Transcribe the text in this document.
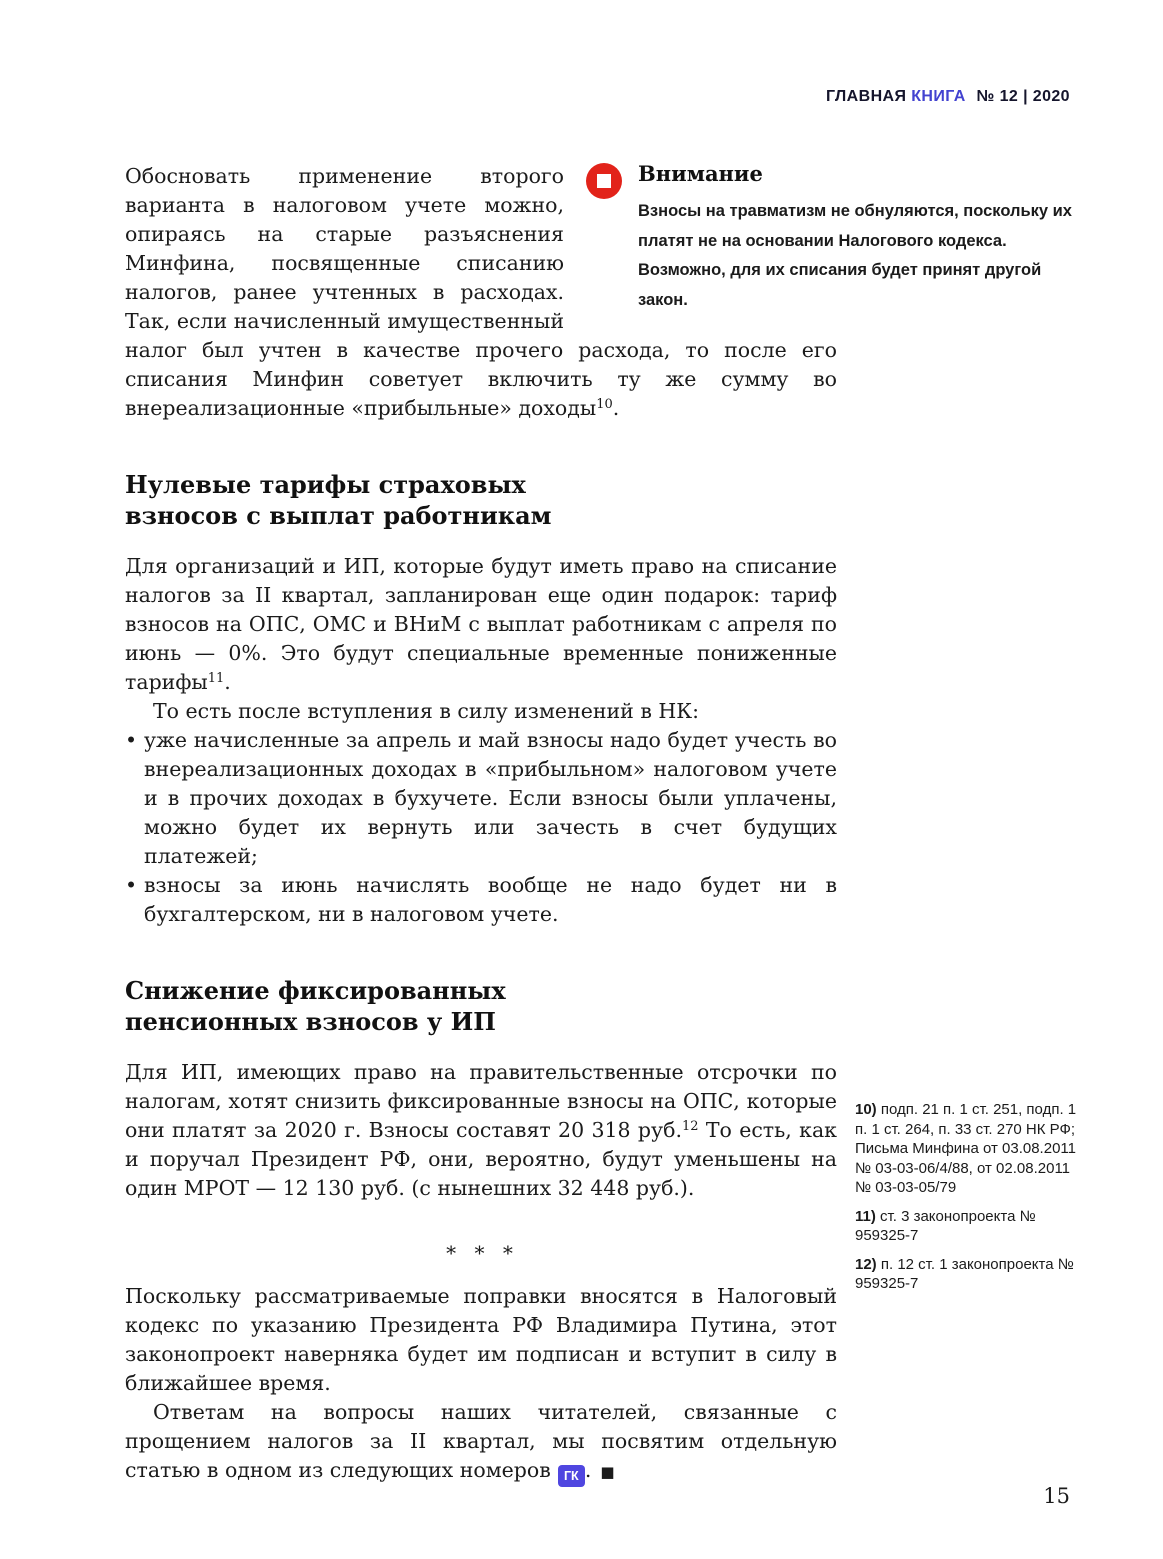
ГЛАВНАЯ КНИГА № 12 | 2020

Внимание
Взносы на травматизм не обнуляются, поскольку их платят не на основании Налогового кодекса. Возможно, для их списания будет принят другой закон.
Обосновать применение второго варианта в налоговом учете можно, опираясь на старые разъяснения Минфина, посвященные списанию налогов, ранее учтенных в расходах. Так, если начисленный имущественный налог был учтен в качестве прочего расхода, то после его списания Минфин советует включить ту же сумму во внереализационные «прибыльные» доходы$^{10}$.

Нулевые тарифы страховых взносов с выплат работникам

Для организаций и ИП, которые будут иметь право на списание налогов за II квартал, запланирован еще один подарок: тариф взносов на ОПС, ОМС и ВНиМ с выплат работникам с апреля по июнь — 0%. Это будут специальные временные пониженные тарифы$^{11}$.

То есть после вступления в силу изменений в НК:

• уже начисленные за апрель и май взносы надо будет учесть во внереализационных доходах в «прибыльном» налоговом учете и в прочих доходах в бухучете. Если взносы были уплачены, можно будет их вернуть или зачесть в счет будущих платежей;
• взносы за июнь начислять вообще не надо будет ни в бухгалтерском, ни в налоговом учете.
Снижение фиксированных пенсионных взносов у ИП

Для ИП, имеющих право на правительственные отсрочки по налогам, хотят снизить фиксированные взносы на ОПС, которые они платят за 2020 г. Взносы составят 20 318 руб.$^{12}$ То есть, как и поручал Президент РФ, они, вероятно, будут уменьшены на один МРОТ — 12 130 руб. (с нынешних 32 448 руб.).

* * *

Поскольку рассматриваемые поправки вносятся в Налоговый кодекс по указанию Президента РФ Владимира Путина, этот законопроект наверняка будет им подписан и вступит в силу в ближайшее время.

Ответам на вопросы наших читателей, связанные с прощением налогов за II квартал, мы посвятим отдельную статью в одном из следующих номеров ГК . ■

10) подп. 21 п. 1 ст. 251, подп. 1 п. 1 ст. 264, п. 33 ст. 270 НК РФ; Письма Минфина от 03.08.2011 № 03-03-06/4/88, от 02.08.2011 № 03-03-05/79
11) ст. 3 законопроекта № 959325-7
12) п. 12 ст. 1 законопроекта № 959325-7
15
